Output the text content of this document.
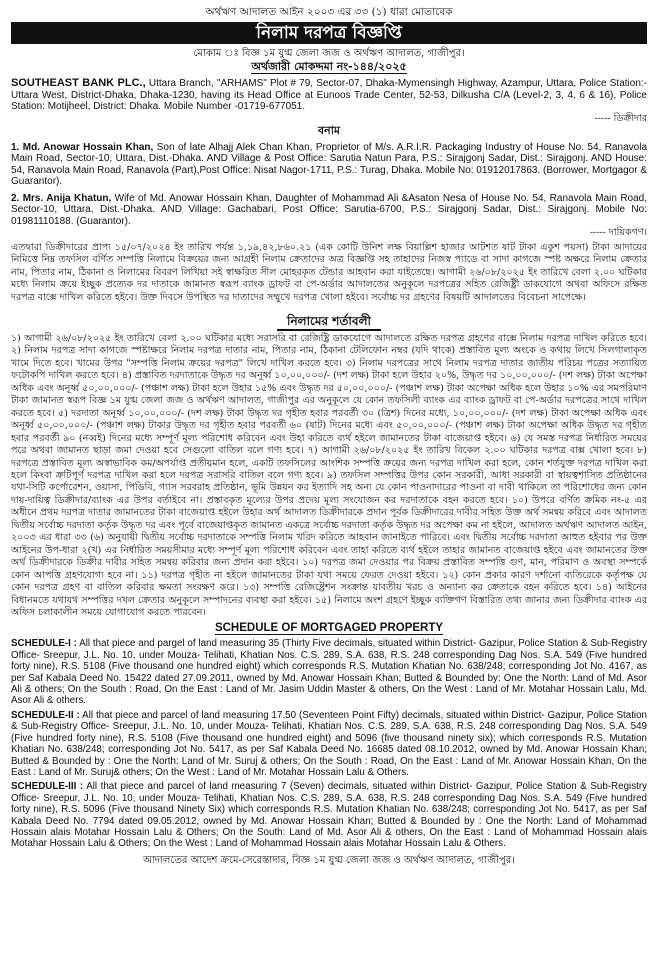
অর্থঋণ আদালত আইন ২০০৩ এর ৩৩ (১) ধারা মোতাবেক
নিলাম দরপত্র বিজ্ঞপ্তি
মোকাম ঃ বিজ্ঞ ১ম যুগ্ম জেলা জজ ও অর্থঋণ আদালত, গাজীপুর।
অর্থজারী মোকদ্দমা নং-১৪৪/২০২৫
SOUTHEAST BANK PLC., Uttara Branch, "ARHAMS" Plot # 79, Sector-07, Dhaka-Mymensingh Highway, Azampur, Uttara, Police Station:- Uttara West, District-Dhaka, Dhaka-1230, having its Head Office at Eunoos Trade Center, 52-53, Dilkusha C/A (Level-2, 3, 4, 6 & 16), Police Station: Motijheel, District: Dhaka. Mobile Number -01719-677051.
----- ডিক্রীদার
বনাম
1. Md. Anowar Hossain Khan, Son of late Alhajj Alek Chan Khan, Proprietor of M/s. A.R.I.R. Packaging Industry of House No. 54, Ranavola Main Road, Sector-10, Uttara, Dist.-Dhaka. AND Village & Post Office: Sarutia Natun Para, P.S.: Sirajgonj Sadar, Dist.: Sirajgonj. AND House: 54, Ranavola Main Road, Ranavola (Part),Post Office: Nisat Nagor-1711, P.S.: Turag, Dhaka. Mobile No: 01912017863. (Borrower, Mortgagor & Guarantor).
2. Mrs. Anija Khatun, Wife of Md. Anowar Hossain Khan, Daughter of Mohammad Ali &Asaton Nesa of House No. 54, Ranavola Main Road, Sector-10, Uttara, Dist.-Dhaka. AND Village: Gachabari, Post Office: Sarutia-6700, P.S.: Sirajgonj Sadar, Dist.: Sirajgonj. Mobile No: 01981110188. (Guarantor).
----- দায়িকগণ।
এতদ্বারা ডিক্রীদারের প্রাপ্য ১৫/০৭/২০২৪ ইং তারিখ পর্যন্ত ১,১৯,৪২,৮৬০.২১ (এক কোটি উনিশ লক্ষ বিয়াল্লিশ হাজার আটশত ষাট টাকা একুশ পয়সা) টাকা আদায়ের নিমিত্তে নিম্ন তফসিল বর্ণিত সম্পত্তি নিলামে বিক্রয়ের জন্য আগ্রহী নিলাম ক্রেতাদের অত্র বিজ্ঞপ্তি সহ তাহাদের নিজস্ব প্যাডে বা সাদা কাগজে স্পষ্ট অক্ষরে নিলাম ক্রেতার নাম, পিতার নাম, ঠিকানা ও নিলামের বিবরণ লিখিয়া সই স্বাক্ষরিত সীল মোহরকৃত টেন্ডার আহবান করা যাইতেছে। আগামী ২৬/০৮/২০২৫ ইং তারিখে বেলা ২.০০ ঘটিকার মধ্যে নিলাম ক্রয়ে ইচ্ছুক প্রত্যেক দর দাতাকে জামানত স্বরূপ ব্যাংক ড্রাফট বা পে-অর্ডার আদালতের অনুকূলে দরপত্রের সহিত রেজিষ্ট্রী ডাকযোগে অথবা অফিসে রক্ষিত দরপত্র বাক্সে দাখিল করিতে হইবে। উক্ত দিবসে উপস্থিত দর দাতাদের সম্মুখে দরপত্র খোলা হইবে। সর্বোচ্চ দর গ্রহণের বিষয়টি আদালতের বিবেচনা সাপেক্ষে।
নিলামের শর্তাবলী
১) আগামী ২৬/০৮/২০২৫ ইং তারিখে বেলা ২.০০ ঘটিকার মধ্যে সরাসরি বা রেজিষ্ট্রি ডাকযোগে আদালতে রক্ষিত দরপত্র গ্রহণের বাক্সে নিলাম দরপত্র দাখিল করিতে হবে। ২) নিলাম দরপত্র সাদা কাগজে স্পষ্টাক্ষরে নিলাম দরপত্র দাতার নাম, পিতার নাম, ঠিকানা টেলিফোন নম্বর (যদি থাকে) প্রস্তাবিত মূল্য অংকে ও কথায় লিখে সিলগালাকৃত খামে দিতে হবে। খামের উপর "সম্পত্তি নিলাম ক্রয়ের দরপত্র" লিখে দাখিল করতে হবে। ৩) নিলাম দরপত্রের সাথে নিলাম দরপত্র দাতার জাতীয় পরিচয় পত্রের সত্যায়িত ফটোকপি দাখিল করতে হবে। ৪) প্রস্তাবিত দরদাতাকে উদ্ধৃত দর অনূর্ধ্ব ১০,০০,০০০/- (দশ লক্ষ) টাকা হলে উহার ২০%, উদ্ধৃত দর ১০,০০,০০০/- (দশ লক্ষ) টাকা অপেক্ষা অধিক এবং অনূর্ধ্ব ৫০,০০,০০০/- (পঞ্চাশ লক্ষ) টাকা হলে উহার ১৫% এবং উদ্ধৃত দর ৫০,০০,০০০/- (পঞ্চাশ লক্ষ) টাকা অপেক্ষা অধিক হলে উহার ১০% এর সমপরিমাণ টাকা জামানত স্বরূপ বিজ্ঞ ১ম যুগ্ম জেলা জজ ও অর্থঋণ আদালত, গাজীপুর এর অনুকূলে যে কোন তফসিলী ব্যাংক এর ব্যাংক ড্রাফট বা পে-অর্ডার দরপত্রের সাথে দাখিল করতে হবে। ৫) দরদাতা অনূর্ধ্ব ১০,০০,০০০/- (দশ লক্ষ) টাকা উদ্ধৃত দর গৃহীত হবার পরবর্তী ৩০ (ত্রিশ) দিনের মধ্যে, ১০,০০,০০০/- (দশ লক্ষ) টাকা অপেক্ষা অধিক এবং অনূর্ধ্ব ৫০,০০,০০০/- (পঞ্চাশ লক্ষ) টাকার উদ্ধৃত দর গৃহীত হবার পরবর্তী ৬০ (ষাট) দিনের মধ্যে এবং ৫০,০০,০০০/- (পঞ্চাশ লক্ষ) টাকা অপেক্ষা অধিক উদ্ধৃত দর গৃহীত হবার পরবর্তী ৯০ (নব্বই) দিনের মধ্যে সম্পূর্ণ মূল্য পরিশোধ করিবেন এবং উহা করিতে ব্যর্থ হইলে জামানতের টাকা বাজেয়াপ্ত হইবে। ৬) যে সমস্ত দরপত্র নির্ধারিত সময়ের পরে অথবা জামানত ছাড়া জমা দেওয়া হবে সেগুলো বাতিল বলে গণ্য হবে। ৭) আগামী ২৬/০৮/২০২৫ ইং তারিখ বিকেল ২.০০ ঘটিকার দরপত্র বাক্স খোলা হবে। ৮) দরপত্রে প্রস্তাবিত মূল্য অস্বাভাবিক কম/অপর্যাপ্ত প্রতীয়মান হলে, একটি তফসিলের আংশিক সম্পত্তি ক্রয়ের জন্য দরপত্র দাখিল করা হলে, কোন শর্তযুক্ত দরপত্র দাখিল করা হলে কিংবা ক্রটিপূর্ণ দরপত্র দাখিল করা হলে দরপত্র সরাসরি বাতিল বলে গণ্য হবে। ৯) তফসিল সম্পত্তির উপর কোন সরকারী, আধা সরকারী বা স্বায়ত্বশাসিত প্রতিষ্ঠানের যথা-সিটি কর্পোরেশন, ওয়াসা, পিডিবি, গ্যাস সরবরাহ প্রতিষ্ঠান, ভূমি উন্নয়ন কর ইত্যাদি সহ অন্য যে কোন পাওনাদারের পাওনা বা দাবী থাকিলে তা পরিশোধের জন্য কোন দায়-দায়িত্ব ডিক্রীদার/ব্যাংক এর উপর বর্তাইবে না। প্রস্তাবকৃত মূল্যের উপর প্রদেয় মূল্য সংযোজন কর দরদাতাকে বহন করতে হবে। ১০) উপরে বর্ণিত ক্রমিক নং-৫ এর অধীনে প্রথম দরপত্র দাতার জামানতের টাকা বাজেয়াপ্ত হইলে উহার অর্থ আদালত ডিক্রীদারকে প্রদান পূর্বক ডিক্রীদারের দাবীর সহিত উক্ত অর্থ সমন্বয় করিবে এবং আদালত দ্বিতীয় সর্বোচ্চ দরদাতা কর্তৃক উদ্ধৃত দর এবং পূর্বে বাজেয়াপ্তকৃত জামানত একত্রে সর্বোচ্চ দরদাতা কর্তৃক উদ্ধৃত দর অপেক্ষা কম না হইলে, আদালত অর্থঋণ আদালত আইন, ২০০৩ এর ধারা ৩৩ (৬) অনুযায়ী দ্বিতীয় সর্বোচ্চ দরদাতাকে সম্পত্তি নিলাম খরিদ করিতে আহবান জানাইতে পারিবে। এবং দ্বিতীয় সর্বোচ্চ দরদাতা আহুত হইবার পর উক্ত আইনের উপ-ধারা ২(খ) এর নির্ধারিত সময়সীমার মধ্যে সম্পূর্ণ মূল্য পরিশোধ করিবেন এবং তাহা করিতে ব্যর্থ হইলে তাহার জামানত বাজেয়াপ্ত হইবে এবং জামানতের উক্ত অর্থ ডিক্রীদারকে ডিক্রীর দাবীর সহিত সমন্বয় করিবার জন্য প্রদান করা হইবে। ১০) দরপত্র জমা দেওয়ার পর বিক্রয় প্রস্তাবিত সম্পত্তি গুণ, মান, পরিমাণ ও অবস্থা সম্পর্কে কোন আপত্তি গ্রহণযোগ্য হবে না। ১১) দরপত্র গৃহীত না হইলে জামানতের টাকা যথা সময়ে ফেরত দেওয়া হইবে। ১২) কোন প্রকার কারণ দর্শানো ব্যতিরেকে কর্তৃপক্ষ যে কোন দরপত্র গ্রহণ বা বাতিল করিবার ক্ষমতা সংরক্ষণ করে। ১৩) সম্পত্তি রেজিষ্ট্রেশন সংক্রান্ত যাবতীয় খরচ ও অন্যান্য কর ক্রেতাকে বহন করিতে হবে। ১৪) আইনের বিধানমতে যথাযথ সম্পত্তির দখল ক্রেতার অনুকূলে সম্পাদনের ব্যবস্থা করা হইবে। ১৫) নিলামে অংশ গ্রহণে ইচ্ছুক ব্যক্তিগণ বিস্তারিত তথ্য জানার জন্য ডিক্রীদার ব্যাংক এর অফিস চলাকালীন সময়ে যোগাযোগ করতে পারবেন।
SCHEDULE OF MORTGAGED PROPERTY
SCHEDULE-I : All that piece and pargel of land measuring 35 (Thirty Five decimals, situated within District- Gazipur, Police Station & Sub-Registry Office- Sreepur, J.L. No. 10, under Mouza- Telihati, Khatian Nos. C.S. 289, S.A. 638, R.S. 248 corresponding Dag Nos. S.A. 549 (Five hundred forty nine), R.S. 5108 (Five thousand one hundred eight) which corresponds R.S. Mutation Khatian No. 638/248; corresponding Jot No. 4167, as per Saf Kabala Deed No. 15422 dated 27.09.2011, owned by Md. Anowar Hossain Khan; Butted & Bounded by: One the North: Land of Md. Asor Ali & others; On the South : Road, On the East : Land of Mr. Jasim Uddin Master & others, On the West : Land of Mr. Motahar Hossain Lalu, Md. Asor Ali & others.
SCHEDULE-II : All that piece and parcel of land measuring 17.50 (Seventeen Point Fifty) decimals, situated within District- Gazipur, Police Station & Sub-Registry Office- Sreepur, J.L. No. 10, under Mouza- Telihati, Khatian Nos. C.S. 289, S.A. 638, R.S. 248 corresponding Dag Nos. S.A. 549 (Five hundred forty nine), R.S. 5108 (Five thousand one hundred eight) and 5096 (five thousand ninety six); which corresponds R.S. Mutation Khatian No. 638/248; corresponding Jot No. 5417, as per Saf Kabala Deed No. 16685 dated 08.10.2012, owned by Md. Anowar Hossain Khan; Butted & Bounded by : One the North: Land of Mr. Suruj & others; On the South : Road, On the East : Land of Mr. Anowar Hossain Khan, On the East : Land of Mr. Suruj& others; On the West : Land of Mr. Motahar Hossain Lalu & Others.
SCHEDULE-III : All that piece and parcel of land measuring 7 (Seven) decimals, situated within District- Gazipur, Police Station & Sub-Registry Office- Sreepur, J.L. No. 10, under Mouza- Telihati, Khatian Nos. C.S. 289, S.A. 638, R.S. 248 corresponding Dag Nos. S.A. 549 (Five hundred forty nine), R.S. 5096 (Five thousand Ninety Six) which corresponds R.S. Mutation Khatian No. 638/248; corresponding Jot No. 5417, as per Saf Kabala Deed No. 7794 dated 09.05.2012, owned by Md. Anowar Hossain Khan; Butted & Bounded by : One the North: Land of Mohammad Hossain alais Motahar Hossain Lalu & Others; On the South: Land of Md. Asor Ali & others, On the East : Land of Mohammad Hossain alais Motahar Hossain Lalu & Others; On the West : Land of Mohammad Hossain alais Motahar Hossain Lalu & Others.
আদালতের আদেশ ক্রমে-সেরেস্তাদার, বিজ্ঞ ১ম যুগ্ম জেলা জজ ও অর্থঋণ আদালত, গাজীপুর।
